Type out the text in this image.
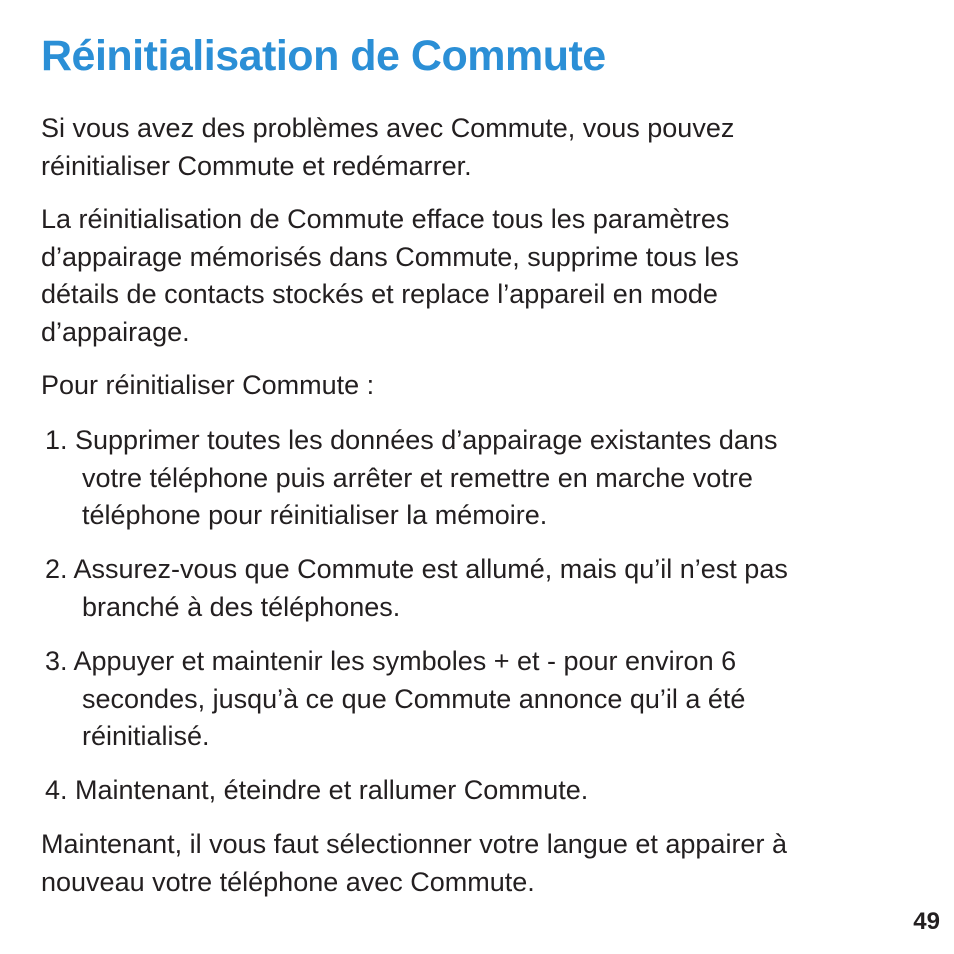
Réinitialisation de Commute

Si vous avez des problèmes avec Commute, vous pouvez
réinitialiser Commute et redémarrer.

La réinitialisation de Commute efface tous les paramètres
d’appairage mémorisés dans Commute, supprime tous les
détails de contacts stockés et replace l’appareil en mode
d’appairage.

Pour réinitialiser Commute :

1. Supprimer toutes les données d’appairage existantes dans
votre téléphone puis arrêter et remettre en marche votre
téléphone pour réinitialiser la mémoire.
2. Assurez-vous que Commute est allumé, mais qu’il n’est pas
branché à des téléphones.
3. Appuyer et maintenir les symboles + et - pour environ 6
secondes, jusqu’à ce que Commute annonce qu’il a été
réinitialisé.
4. Maintenant, éteindre et rallumer Commute.

Maintenant, il vous faut sélectionner votre langue et appairer à
nouveau votre téléphone avec Commute.

49
